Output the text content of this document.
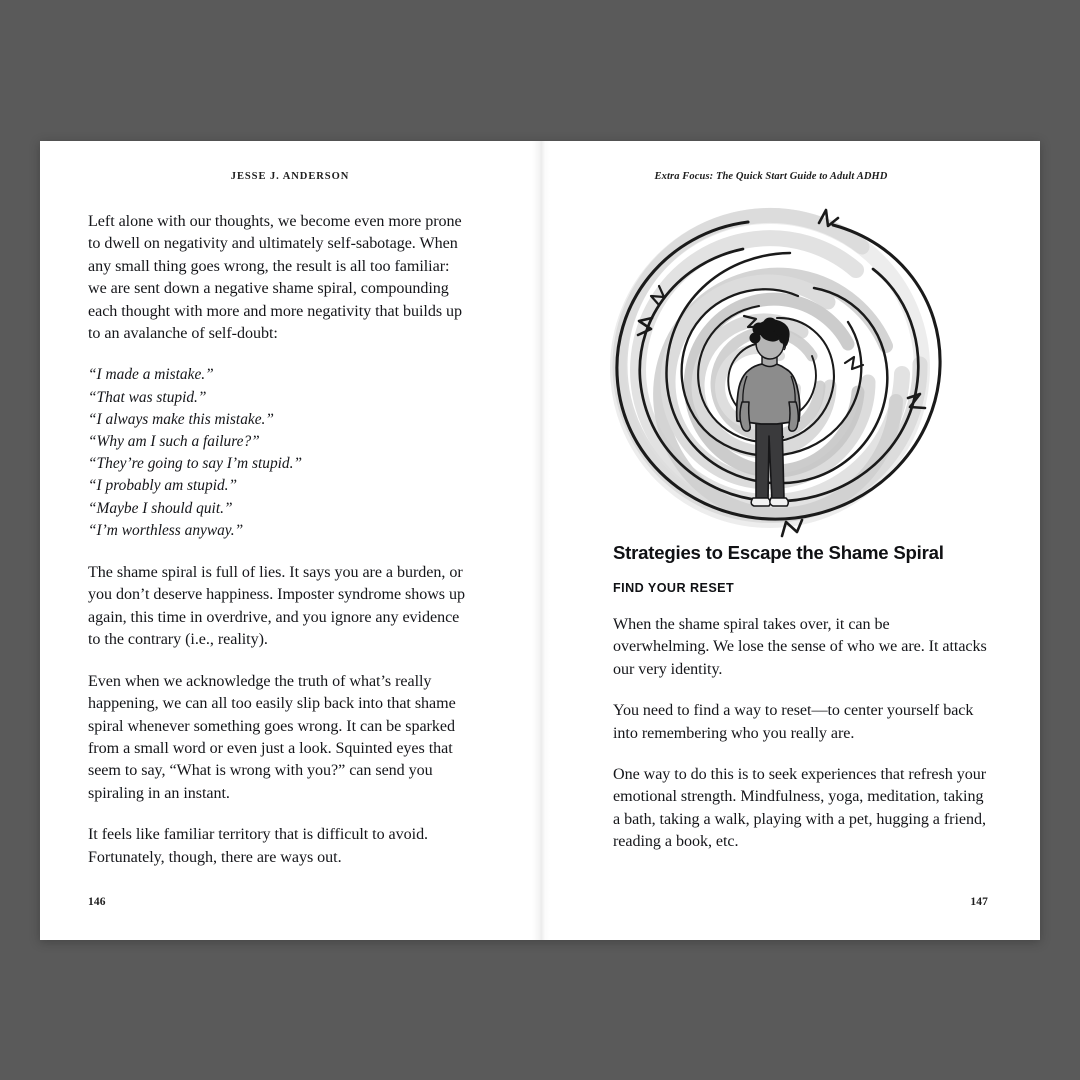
JESSE J. ANDERSON

Left alone with our thoughts, we become even more prone to dwell on negativity and ultimately self-sabotage. When any small thing goes wrong, the result is all too familiar: we are sent down a negative shame spiral, compounding each thought with more and more negativity that builds up to an avalanche of self-doubt:

“I made a mistake.”
“That was stupid.”
“I always make this mistake.”
“Why am I such a failure?”
“They’re going to say I’m stupid.”
“I probably am stupid.”
“Maybe I should quit.”
“I’m worthless anyway.”

The shame spiral is full of lies. It says you are a burden, or you don’t deserve happiness. Imposter syndrome shows up again, this time in overdrive, and you ignore any evidence to the contrary (i.e., reality).

Even when we acknowledge the truth of what’s really happening, we can all too easily slip back into that shame spiral whenever something goes wrong. It can be sparked from a small word or even just a look. Squinted eyes that seem to say, “What is wrong with you?” can send you spiraling in an instant.

It feels like familiar territory that is difficult to avoid. Fortunately, though, there are ways out.

146
Extra Focus: The Quick Start Guide to Adult ADHD
Strategies to Escape the Shame Spiral
FIND YOUR RESET

When the shame spiral takes over, it can be overwhelming. We lose the sense of who we are. It attacks our very identity.

You need to find a way to reset—to center yourself back into remembering who you really are.

One way to do this is to seek experiences that refresh your emotional strength. Mindfulness, yoga, meditation, taking a bath, taking a walk, playing with a pet, hugging a friend, reading a book, etc.

147
